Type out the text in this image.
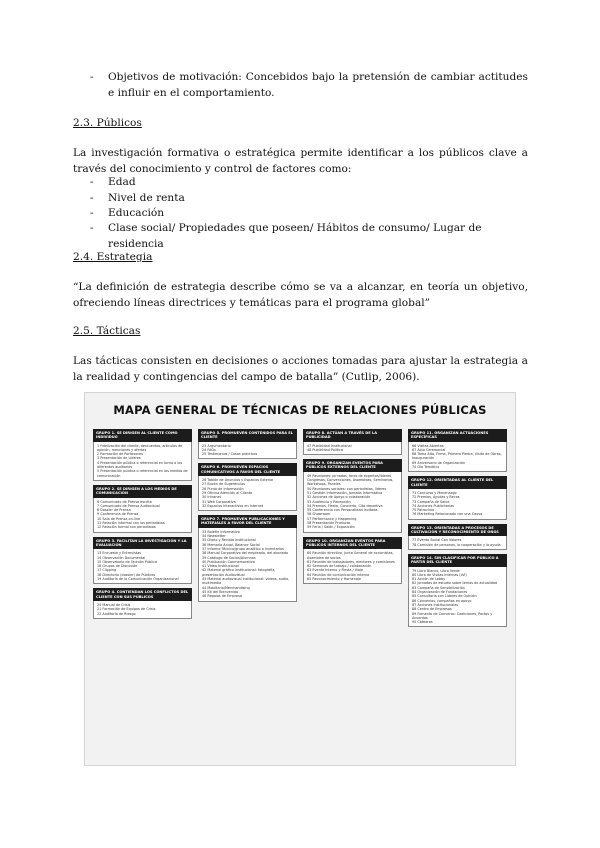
- Objetivos de motivación: Concebidos bajo la pretensión de cambiar actitudes e influir en el comportamiento.
2.3. Públicos
La investigación formativa o estratégica permite identificar a los públicos clave a través del conocimiento y control de factores como:
- Edad
- Nivel de renta
- Educación
- Clase social/ Propiedades que poseen/ Hábitos de consumo/ Lugar de residencia
2.4. Estrategia
“La definición de estrategia describe cómo se va a alcanzar, en teoría un objetivo, ofreciendo líneas directrices y temáticas para el programa global”
2.5. Tácticas
Las tácticas consisten en decisiones o acciones tomadas para ajustar la estrategia a la realidad y contingencias del campo de batalla” (Cutlip, 2006).
MAPA GENERAL DE TÉCNICAS DE RELACIONES PÚBLICAS
GRUPO 1. SE DIRIGEN AL CLIENTE COMO INDIVIDUO
1 Fidelización del cliente, descuentos, artículos de opinión, menciones y ofertas
2 Formación de Portavoces
3 Presentación de Líderes
4 Presentación pública o referencial en torno a los diferentes auditorios
5 Presentación pública o referencial en los medios de comunicación
GRUPO 2. SE DIRIGEN A LOS MEDIOS DE COMUNICACIÓN
6 Comunicado de Prensa escrita
7 Comunicado de Prensa Audiovisual
8 Dossier de Prensa
9 Conferencia de Prensa
10 Sala de Prensa on-line
11 Relación informal con los periodistas
12 Relación formal con periodistas
GRUPO 3. FACILITAN LA INVESTIGACIÓN Y LA EVALUACIÓN
13 Encuesta y Entrevistas
14 Observación Documental
15 Observatorio de Opinión Pública
16 Grupos de Discusión
17 Clipping
18 Directorio (dossier) de Públicos
19 Auditoría de la Comunicación Organizacional
GRUPO 4. CONTIENDAN LOS CONFLICTOS DEL CLIENTE CON SUS PÚBLICOS
20 Manual de Crisis
21 Formación de Equipos de Crisis
22 Auditoría de Riesgo
GRUPO 5. PROMUEVEN CONTENIDOS PARA EL CLIENTE
23 Argumentario
24 FAQs
25 Testimonios / Casos prácticos
GRUPO 6. PROMUEVEN ESPACIOS COMUNICATIVOS A FAVOR DEL CLIENTE
26 Tablón de Anuncios y Espacios Exterior
27 Buzón de Sugerencias
28 Punto de Información
29 Oficina Atención al Cliente
30 Intranet
31 Web Corporativa
32 Espacios Interactivos en Internet
GRUPO 7. PROMUEVEN PUBLICACIONES Y MATERIALES A FAVOR DEL CLIENTE
33 Boletín Informativo
34 Newsletter
35 Diario y Revista Institucional
36 Memoria Anual, Balance Social
37 Informe Técnico/grupo analítico o Inventarios
38 Manual Corporativo del empleado, del abonado
39 Catálogo de Socios/Alumnos
40 Publicación Conmemorativa
41 Vídeo Institucional
42 Material gráfico institucional: fotografía, presentación Audiovisual
43 Material audiovisual institucional: vídeos, audio, multimedia
44 Mobiliario/Merchandising
45 Kit del Bienvenido
46 Regalos de Empresa
GRUPO 8. ACTÚAN A TRAVÉS DE LA PUBLICIDAD
47 Publicidad Institucional
48 Publicidad Política
GRUPO 9. ORGANIZAN EVENTOS PARA PÚBLICOS EXTERNOS DEL CLIENTE
49 Reuniones: jornadas, foros de expertos/líderes
Congresos, Convenciones, Asambleas, Seminarios, Workshops, Paneles
50 Reuniones sociales: con periodistas, líderes
51 Gestión Información, Jornada Informativa
52 Acciones de Apoyo o colaboración
53 Audiencia y Recepción
54 Premios, Fiesta, Concierto, Cita deportiva
55 Conferencia con Personalidad invitada
56 Showroom
57 Performance y Happening
58 Presentación Producto
59 Feria / Salón / Exposición
GRUPO 10. ORGANIZAN EVENTOS PARA PÚBLICOS INTERNOS DEL CLIENTE
60 Reunión directiva, Junta General de accionistas, Asamblea de socios
61 Reunión de trabajadores, electores y comisiones
62 Semanas de trabajo / colaboración
63 Evento Interno y Fiesta / Viaje
64 Reunión de comunicación interna
65 Reconocimiento y Homenaje
GRUPO 11. ORGANIZAN ACTUACIONES ESPECÍFICAS
66 Visitas Abiertas
67 Acto Ceremonial
68 Toma Alta, Firma, Primera Piedra, Visita de Obras, Inauguración
69 Aniversario de Organización
70 Día Temático
GRUPO 12. ORIENTADAS AL CLIENTE DEL CLIENTE
71 Concurso y Mecenazgo
72 Premios, Ayudas y Becas
73 Campaña de Salud
74 Acciones Publicitarias
75 Patrocinio
76 Marketing Relacionado con una Causa
GRUPO 13. ORIENTADAS A PROCESOS DE CULTIVACIÓN Y RECONOCIMIENTO DE ONGS
77 Evento Social Con Valores
78 Comisión de personas, la cooperación y la ayuda
GRUPO 14. SIN CLASIFICAR POR PÚBLICO A PARTIR DEL CLIENTE
79 Libro Blanco, Libro Verde
80 Libro de Visitas Internas (LVI)
81 Acción de Lobby
82 Jornadas de estudio sobre temas de actualidad
83 Campaña de Sensibilización
84 Organización de Fundaciones
85 Consultoría con Líderes de Opinión
86 Convenios, campañas en apoyo
87 Acciones Institucionales
88 Centro de Empresas
89 Fomento de Convenio: Coaliciones, Pactos y Acuerdos
90 Cátedras
